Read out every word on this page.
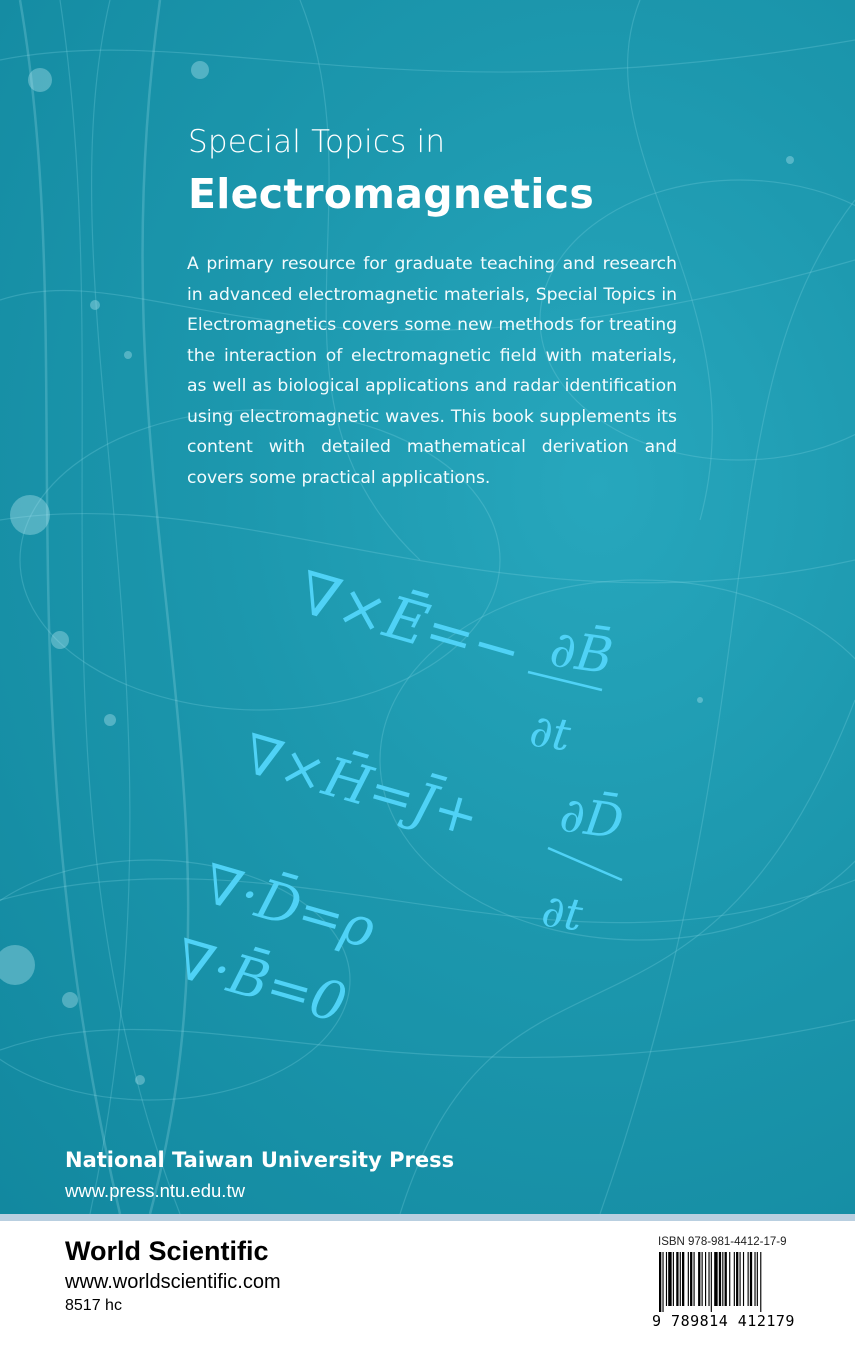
Special Topics in

Electromagnetics

A primary resource for graduate teaching and research in advanced electromagnetic materials, Special Topics in Electromagnetics covers some new methods for treating the interaction of electromagnetic field with materials, as well as biological applications and radar identification using electromagnetic waves. This book supplements its content with detailed mathematical derivation and covers some practical applications.

∇×Ē=− ∂B̄
∂t
∇×H̄=J̄+ ∂D̄
∂t
∇·D̄=ρ
∇·B̄=0

National Taiwan University Press

www.press.ntu.edu.tw

World Scientific

www.worldscientific.com

8517 hc

ISBN 978-981-4412-17-9

9 789814 412179
